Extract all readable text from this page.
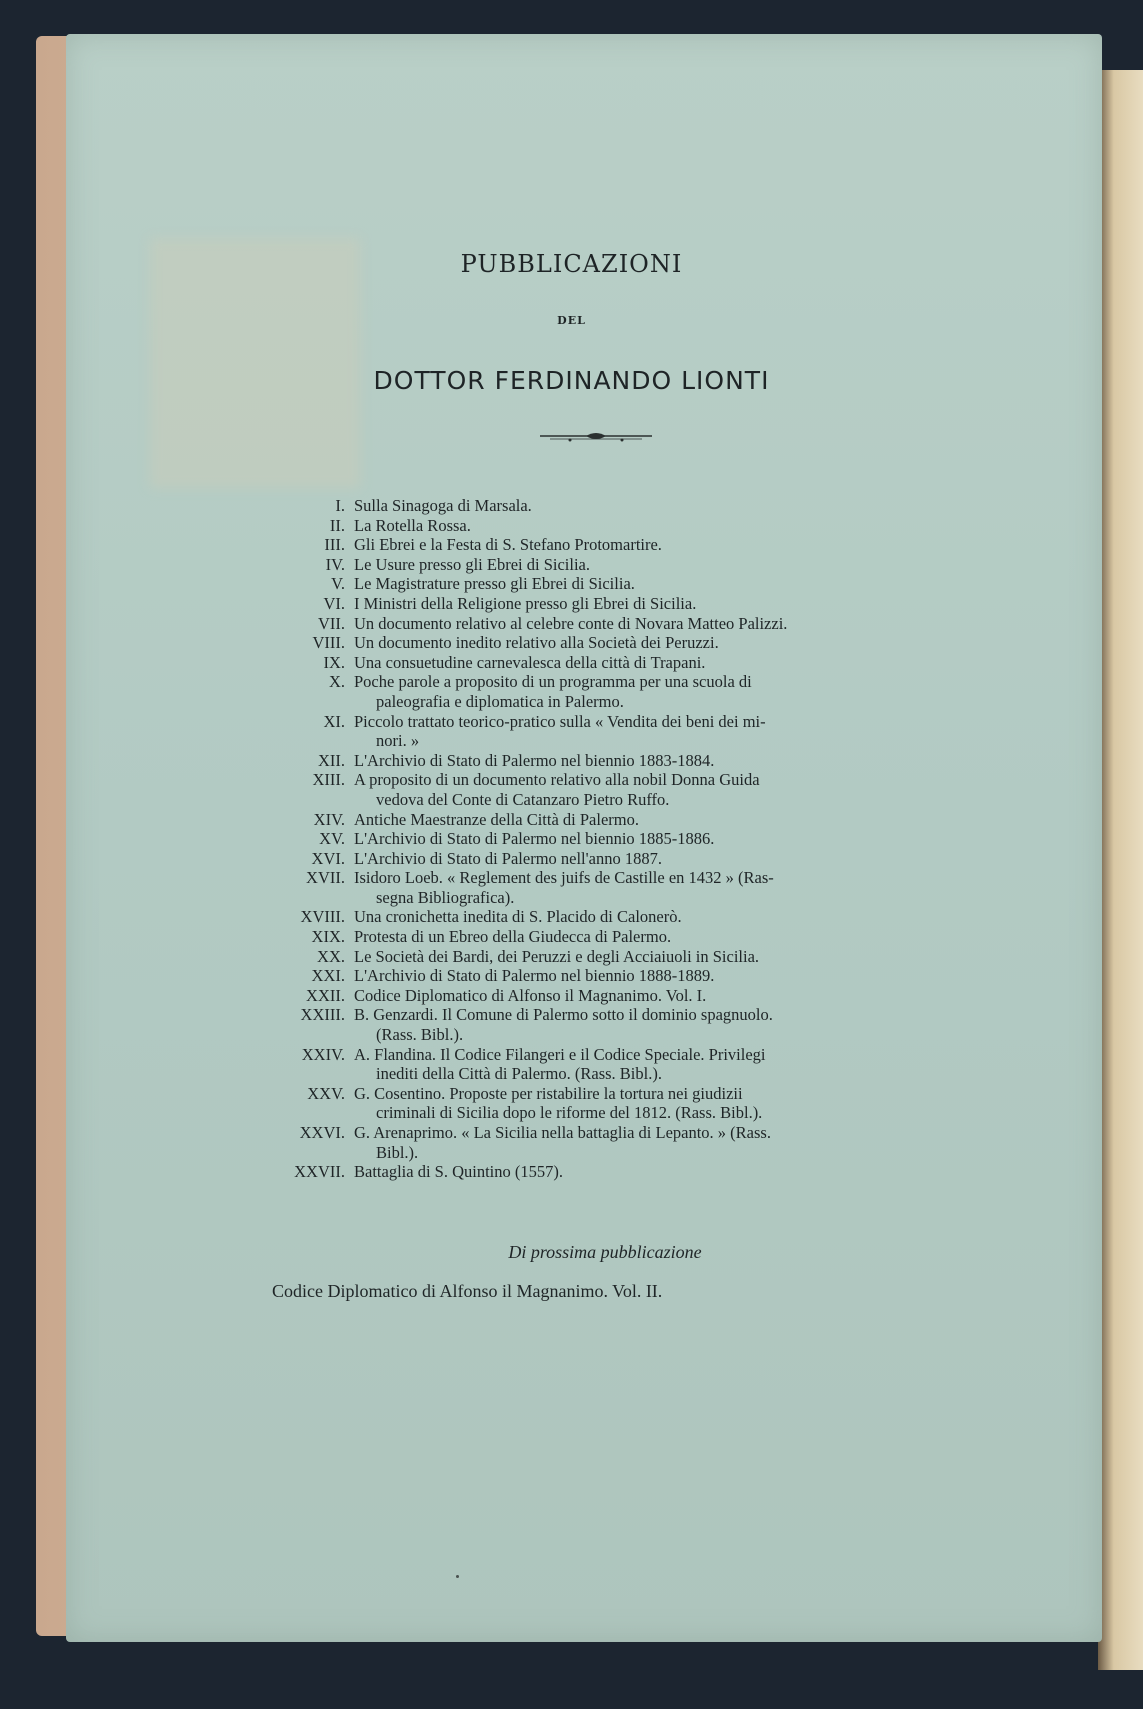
PUBBLICAZIONI
DEL
DOTTOR FERDINANDO LIONTI
I. Sulla Sinagoga di Marsala.
II. La Rotella Rossa.
III. Gli Ebrei e la Festa di S. Stefano Protomartire.
IV. Le Usure presso gli Ebrei di Sicilia.
V. Le Magistrature presso gli Ebrei di Sicilia.
VI. I Ministri della Religione presso gli Ebrei di Sicilia.
VII. Un documento relativo al celebre conte di Novara Matteo Palizzi.
VIII. Un documento inedito relativo alla Società dei Peruzzi.
IX. Una consuetudine carnevalesca della città di Trapani.
X. Poche parole a proposito di un programma per una scuola di
paleografia e diplomatica in Palermo.
XI. Piccolo trattato teorico-pratico sulla « Vendita dei beni dei mi-
nori. »
XII. L'Archivio di Stato di Palermo nel biennio 1883-1884.
XIII. A proposito di un documento relativo alla nobil Donna Guida
vedova del Conte di Catanzaro Pietro Ruffo.
XIV. Antiche Maestranze della Città di Palermo.
XV. L'Archivio di Stato di Palermo nel biennio 1885-1886.
XVI. L'Archivio di Stato di Palermo nell'anno 1887.
XVII. Isidoro Loeb. « Reglement des juifs de Castille en 1432 » (Ras-
segna Bibliografica).
XVIII. Una cronichetta inedita di S. Placido di Calonerò.
XIX. Protesta di un Ebreo della Giudecca di Palermo.
XX. Le Società dei Bardi, dei Peruzzi e degli Acciaiuoli in Sicilia.
XXI. L'Archivio di Stato di Palermo nel biennio 1888-1889.
XXII. Codice Diplomatico di Alfonso il Magnanimo. Vol. I.
XXIII. B. Genzardi. Il Comune di Palermo sotto il dominio spagnuolo.
(Rass. Bibl.).
XXIV. A. Flandina. Il Codice Filangeri e il Codice Speciale. Privilegi
inediti della Città di Palermo. (Rass. Bibl.).
XXV. G. Cosentino. Proposte per ristabilire la tortura nei giudizii
criminali di Sicilia dopo le riforme del 1812. (Rass. Bibl.).
XXVI. G. Arenaprimo. « La Sicilia nella battaglia di Lepanto. » (Rass.
Bibl.).
XXVII. Battaglia di S. Quintino (1557).
Di prossima pubblicazione
Codice Diplomatico di Alfonso il Magnanimo. Vol. II.
